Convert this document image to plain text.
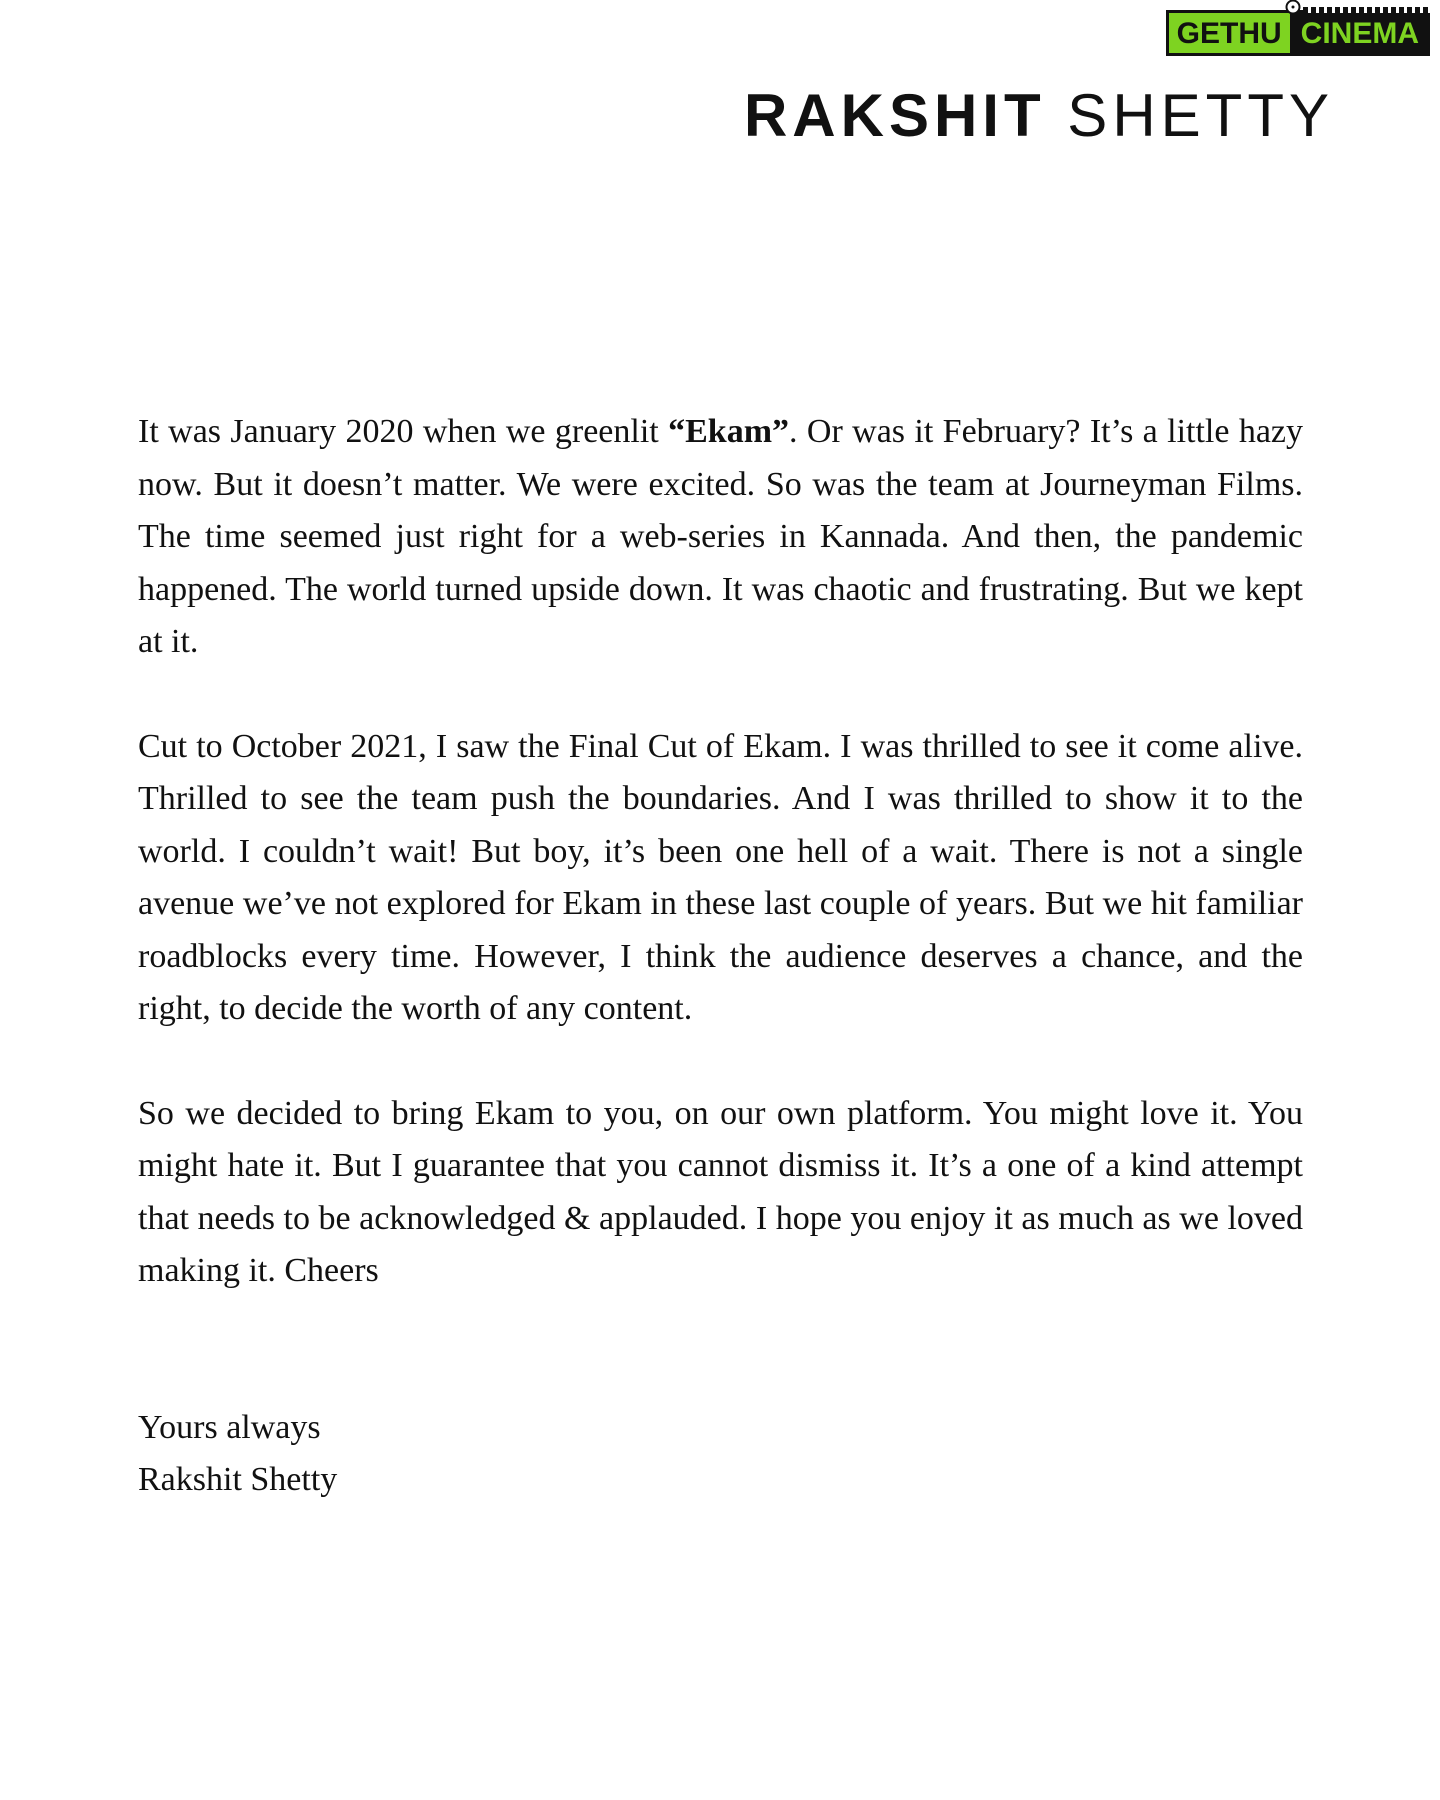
GETHU CINEMA
RAKSHIT SHETTY

It was January 2020 when we greenlit “Ekam”. Or was it February? It’s a little hazy now. But it doesn’t matter. We were excited. So was the team at Journeyman Films. The time seemed just right for a web-series in Kannada. And then, the pandemic happened. The world turned upside down. It was chaotic and frustrating. But we kept at it.

Cut to October 2021, I saw the Final Cut of Ekam. I was thrilled to see it come alive. Thrilled to see the team push the boundaries. And I was thrilled to show it to the world. I couldn’t wait! But boy, it’s been one hell of a wait. There is not a single avenue we’ve not explored for Ekam in these last couple of years. But we hit familiar roadblocks every time. However, I think the audience deserves a chance, and the right, to decide the worth of any content.

So we decided to bring Ekam to you, on our own platform. You might love it. You might hate it. But I guarantee that you cannot dismiss it. It’s a one of a kind attempt that needs to be acknowledged & applauded. I hope you enjoy it as much as we loved making it. Cheers

Yours always
Rakshit Shetty
